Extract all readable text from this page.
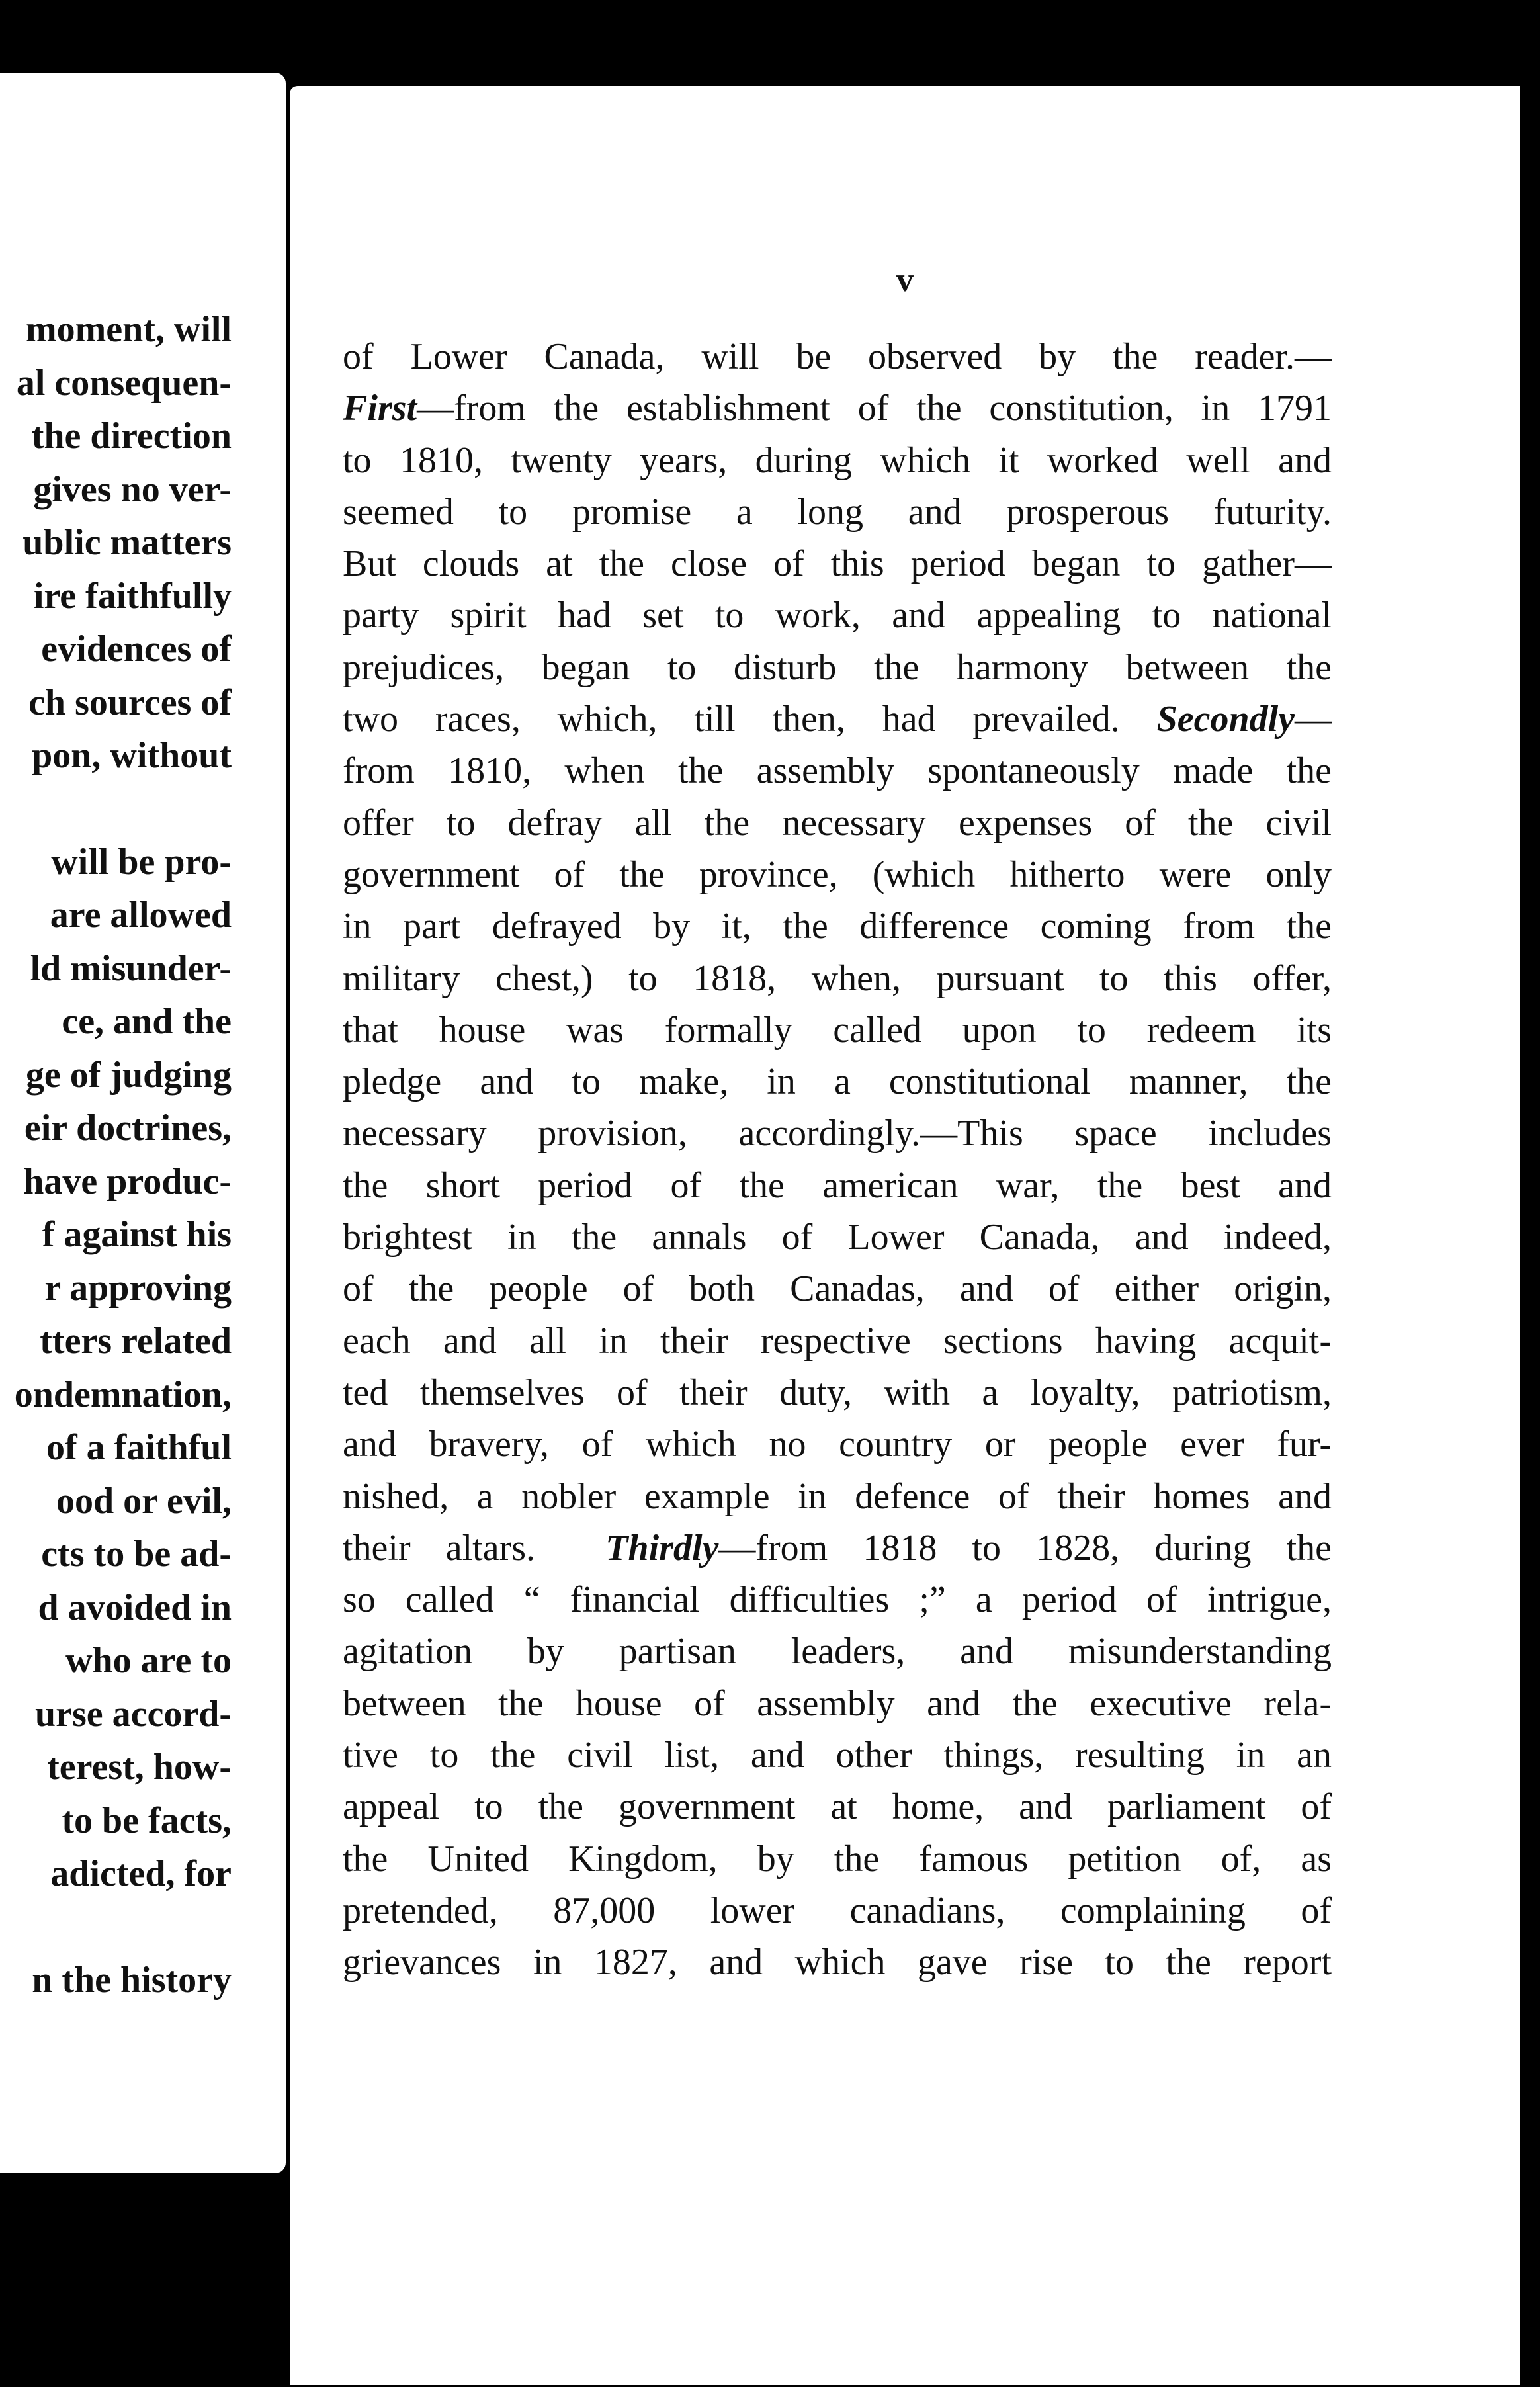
moment, will
al consequen-
the direction
gives no ver-
ublic matters
ire faithfully
evidences of
ch sources of
pon, without
will be pro-
are allowed
ld misunder-
ce, and the
ge of judging
eir doctrines,
have produc-
f against his
r approving
tters related
ondemnation,
of a faithful
ood or evil,
cts to be ad-
d avoided in
who are to
urse accord-
terest, how-
to be facts,
adicted, for
n the history
v
of Lower Canada, will be observed by the reader.—
First—from the establishment of the constitution, in 1791
to 1810, twenty years, during which it worked well and
seemed to promise a long and prosperous futurity.
But clouds at the close of this period began to gather—
party spirit had set to work, and appealing to national
prejudices, began to disturb the harmony between the
two races, which, till then, had prevailed. Secondly—
from 1810, when the assembly spontaneously made the
offer to defray all the necessary expenses of the civil
government of the province, (which hitherto were only
in part defrayed by it, the difference coming from the
military chest,) to 1818, when, pursuant to this offer,
that house was formally called upon to redeem its
pledge and to make, in a constitutional manner, the
necessary provision, accordingly.—This space includes
the short period of the american war, the best and
brightest in the annals of Lower Canada, and indeed,
of the people of both Canadas, and of either origin,
each and all in their respective sections having acquit-
ted themselves of their duty, with a loyalty, patriotism,
and bravery, of which no country or people ever fur-
nished, a nobler example in defence of their homes and
their altars. Thirdly—from 1818 to 1828, during the
so called “ financial difficulties ;” a period of intrigue,
agitation by partisan leaders, and misunderstanding
between the house of assembly and the executive rela-
tive to the civil list, and other things, resulting in an
appeal to the government at home, and parliament of
the United Kingdom, by the famous petition of, as
pretended, 87,000 lower canadians, complaining of
grievances in 1827, and which gave rise to the report
